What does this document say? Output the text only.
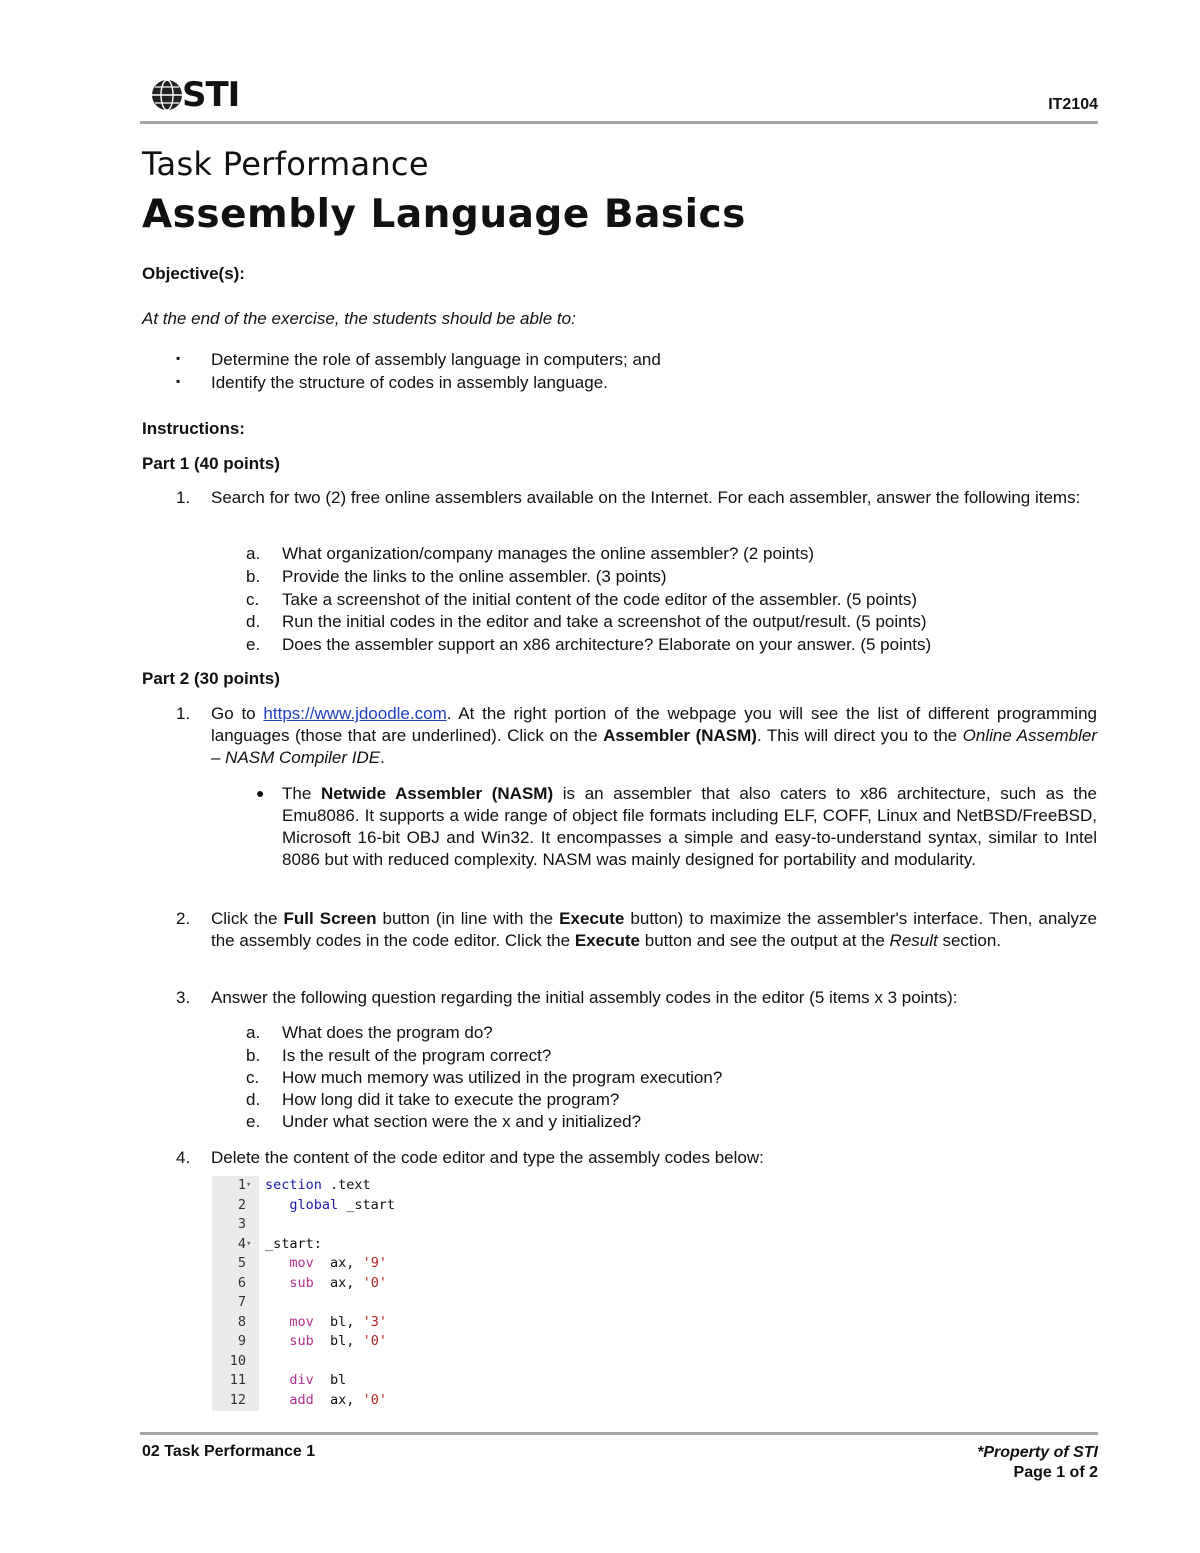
STI	IT2104
Task Performance
Assembly Language Basics
Objective(s):
At the end of the exercise, the students should be able to:
▪ Determine the role of assembly language in computers; and
▪ Identify the structure of codes in assembly language.
Instructions:
Part 1 (40 points)
1. Search for two (2) free online assemblers available on the Internet. For each assembler, answer the following items:
a. What organization/company manages the online assembler? (2 points)
b. Provide the links to the online assembler. (3 points)
c. Take a screenshot of the initial content of the code editor of the assembler. (5 points)
d. Run the initial codes in the editor and take a screenshot of the output/result. (5 points)
e. Does the assembler support an x86 architecture? Elaborate on your answer. (5 points)
Part 2 (30 points)
1. Go to https://www.jdoodle.com. At the right portion of the webpage you will see the list of different programming languages (those that are underlined). Click on the Assembler (NASM). This will direct you to the Online Assembler – NASM Compiler IDE.
● The Netwide Assembler (NASM) is an assembler that also caters to x86 architecture, such as the Emu8086. It supports a wide range of object file formats including ELF, COFF, Linux and NetBSD/FreeBSD, Microsoft 16-bit OBJ and Win32. It encompasses a simple and easy-to-understand syntax, similar to Intel 8086 but with reduced complexity. NASM was mainly designed for portability and modularity.
2. Click the Full Screen button (in line with the Execute button) to maximize the assembler's interface. Then, analyze the assembly codes in the code editor. Click the Execute button and see the output at the Result section.
3. Answer the following question regarding the initial assembly codes in the editor (5 items x 3 points):
a. What does the program do?
b. Is the result of the program correct?
c. How much memory was utilized in the program execution?
d. How long did it take to execute the program?
e. Under what section were the x and y initialized?
4. Delete the content of the code editor and type the assembly codes below:
1 ▾ section .text
2 global _start
3
4 ▾ _start:
5 mov  ax, '9'
6 sub  ax, '0'
7
8 mov  bl, '3'
9 sub  bl, '0'
10
11 div  bl
12 add  ax, '0'
02 Task Performance 1	*Property of STI
Page 1 of 2
